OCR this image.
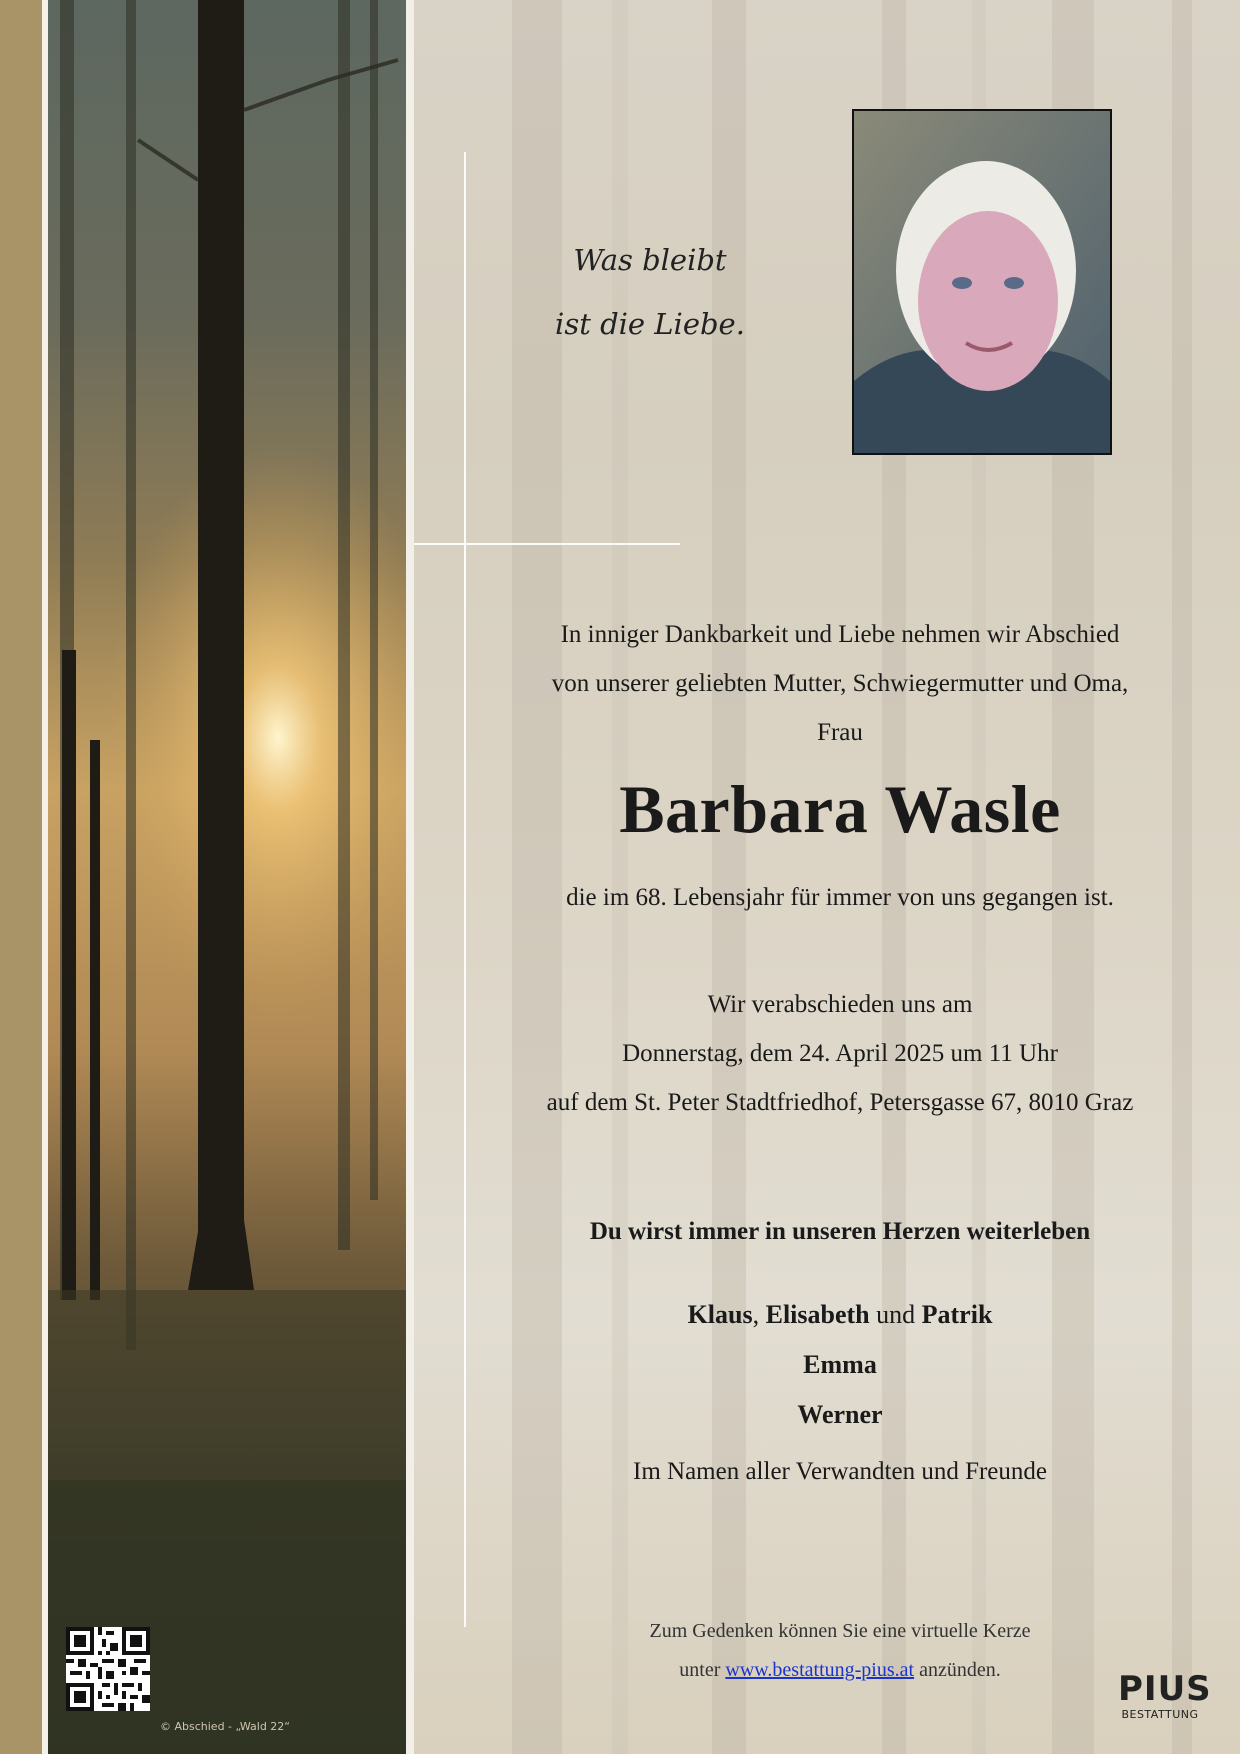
Was bleibt
ist die Liebe.
In inniger Dankbarkeit und Liebe nehmen wir Abschied
von unserer geliebten Mutter, Schwiegermutter und Oma,
Frau
Barbara Wasle
die im 68. Lebensjahr für immer von uns gegangen ist.
Wir verabschieden uns am
Donnerstag, dem 24. April 2025 um 11 Uhr
auf dem St. Peter Stadtfriedhof, Petersgasse 67, 8010 Graz
Du wirst immer in unseren Herzen weiterleben
Klaus, Elisabeth und Patrik
Emma
Werner
Im Namen aller Verwandten und Freunde
Zum Gedenken können Sie eine virtuelle Kerze
unter www.bestattung-pius.at anzünden.
© Abschied - „Wald 22“
PIUS
BESTATTUNG
